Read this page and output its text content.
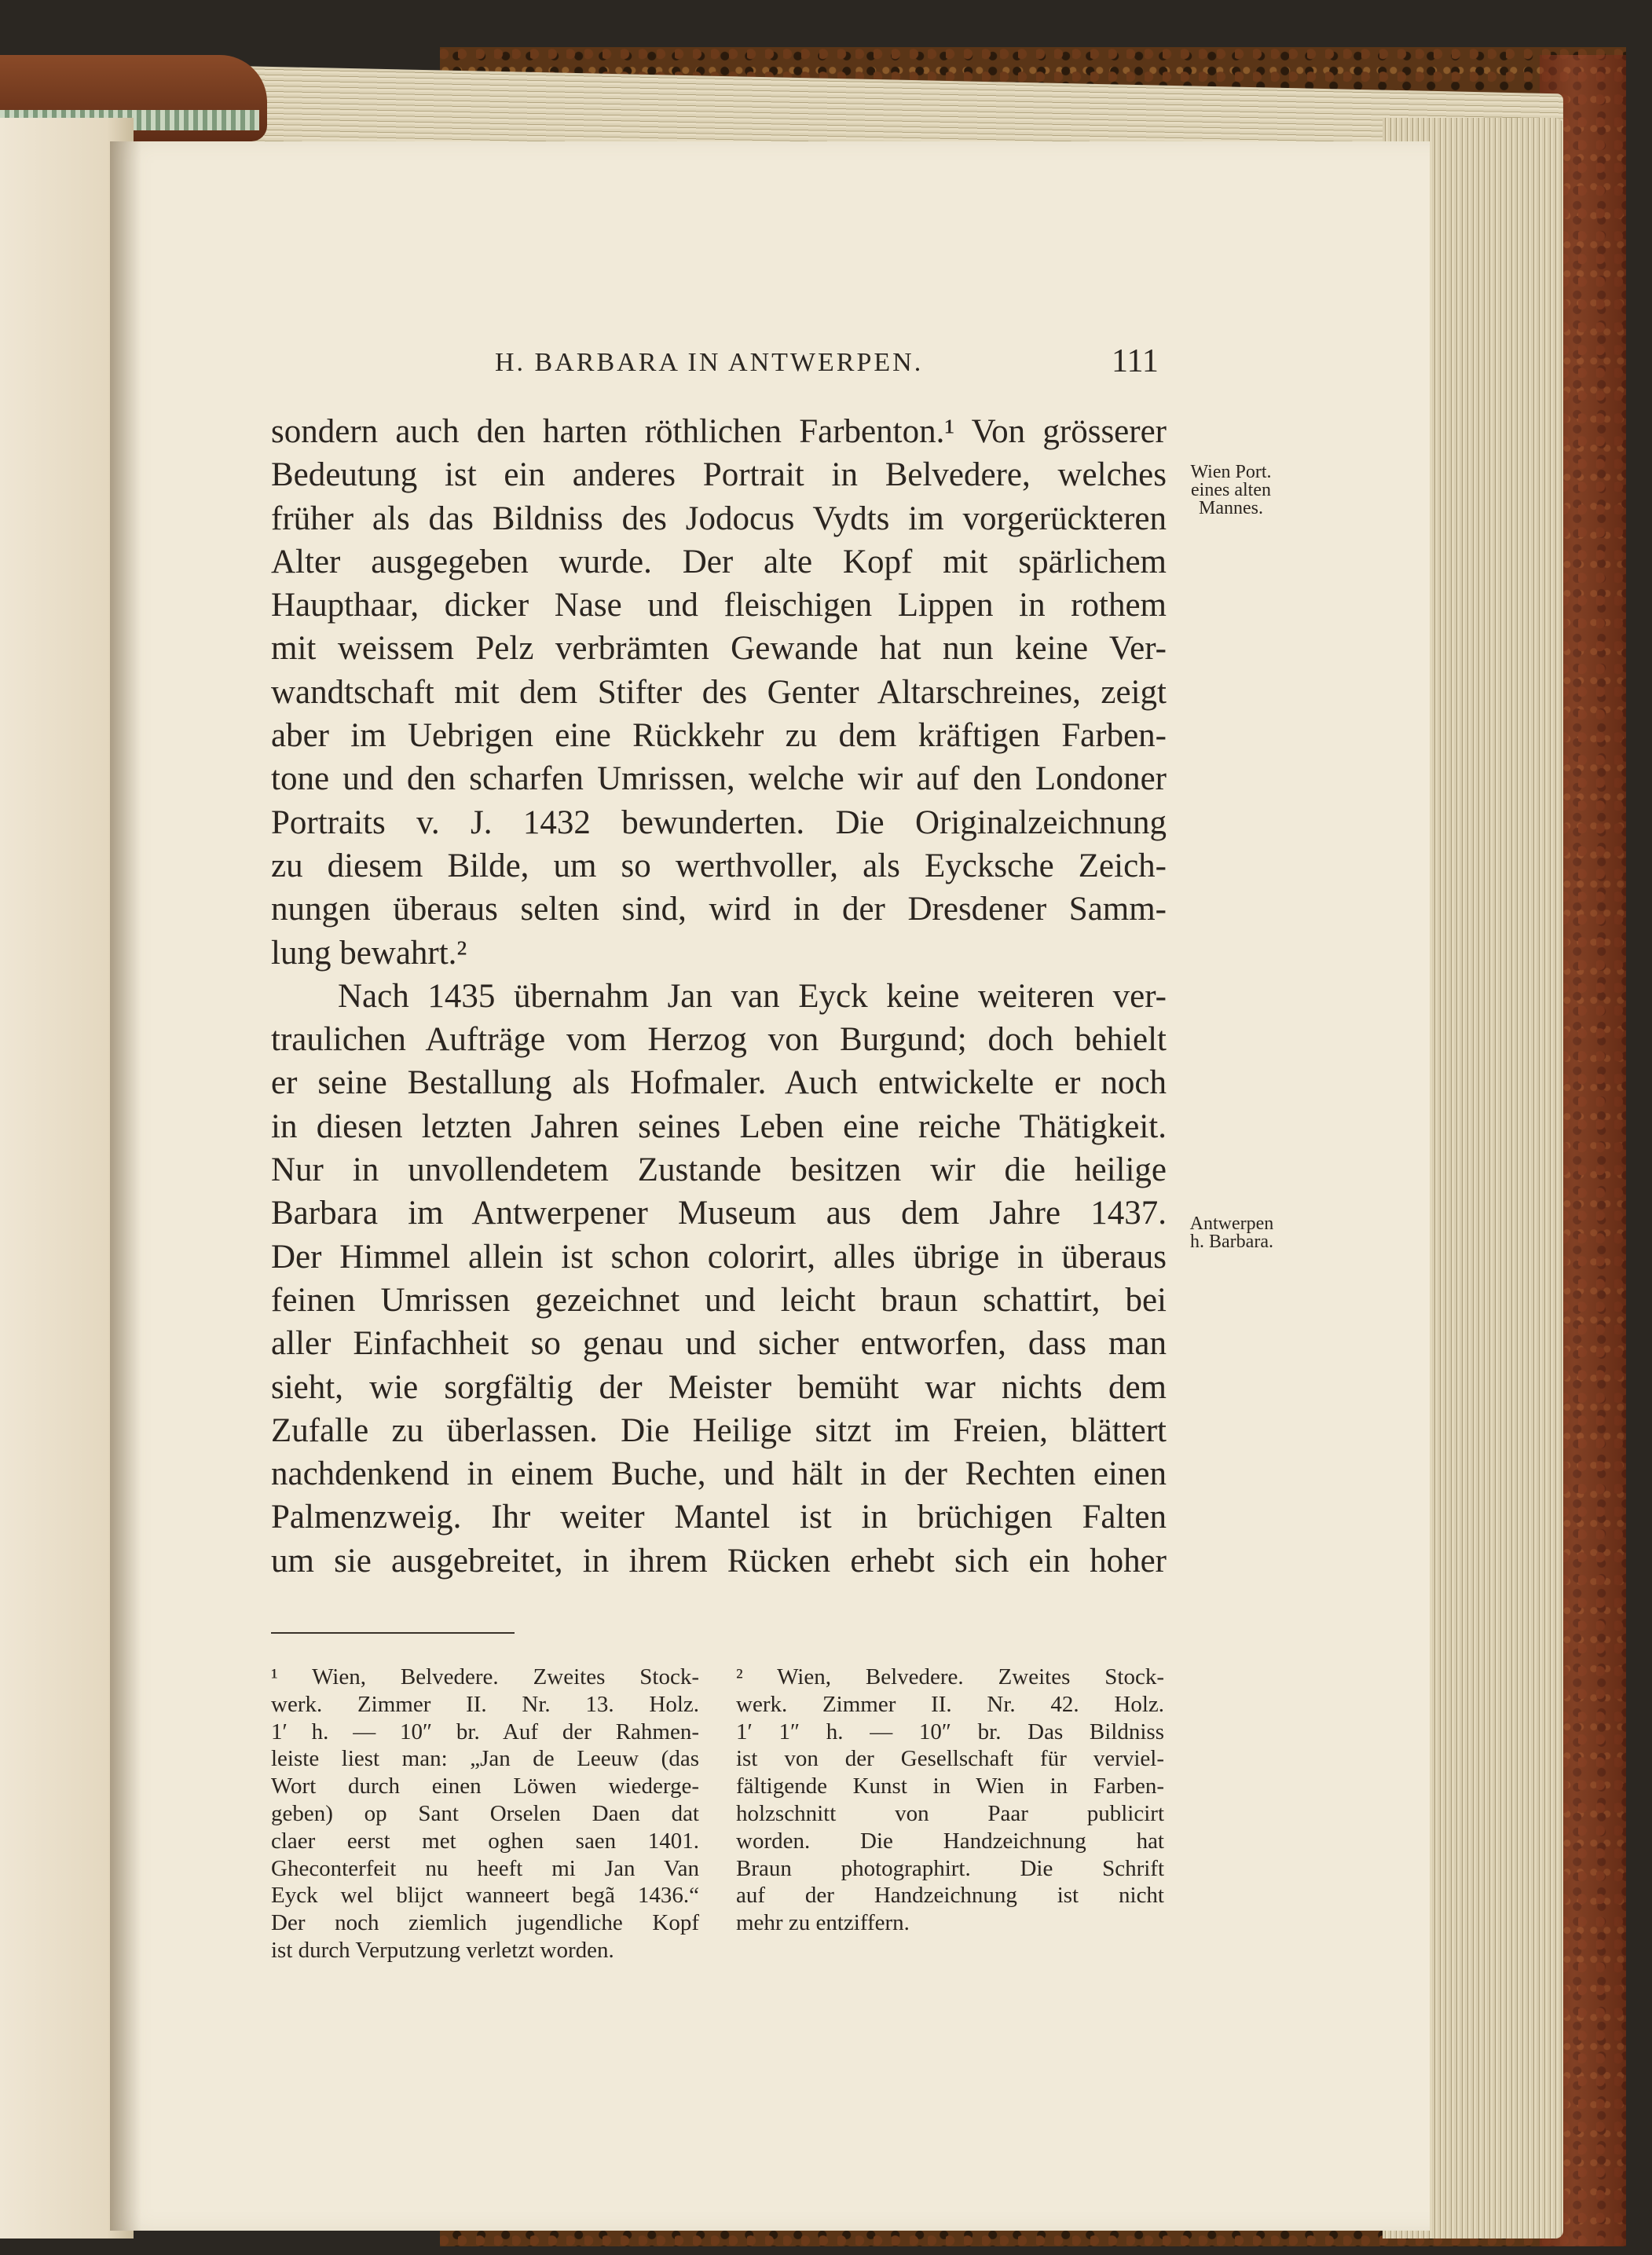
H. BARBARA IN ANTWERPEN.	111
sondern auch den harten röthlichen Farbenton.¹ Von grösserer
Bedeutung ist ein anderes Portrait in Belvedere, welches
früher als das Bildniss des Jodocus Vydts im vorgerückteren
Alter ausgegeben wurde. Der alte Kopf mit spärlichem
Haupthaar, dicker Nase und fleischigen Lippen in rothem
mit weissem Pelz verbrämten Gewande hat nun keine Ver-
wandtschaft mit dem Stifter des Genter Altarschreines, zeigt
aber im Uebrigen eine Rückkehr zu dem kräftigen Farben-
tone und den scharfen Umrissen, welche wir auf den Londoner
Portraits v. J. 1432 bewunderten. Die Originalzeichnung
zu diesem Bilde, um so werthvoller, als Eycksche Zeich-
nungen überaus selten sind, wird in der Dresdener Samm-
lung bewahrt.²
Nach 1435 übernahm Jan van Eyck keine weiteren ver-
traulichen Aufträge vom Herzog von Burgund; doch behielt
er seine Bestallung als Hofmaler. Auch entwickelte er noch
in diesen letzten Jahren seines Leben eine reiche Thätigkeit.
Nur in unvollendetem Zustande besitzen wir die heilige
Barbara im Antwerpener Museum aus dem Jahre 1437.
Der Himmel allein ist schon colorirt, alles übrige in überaus
feinen Umrissen gezeichnet und leicht braun schattirt, bei
aller Einfachheit so genau und sicher entworfen, dass man
sieht, wie sorgfältig der Meister bemüht war nichts dem
Zufalle zu überlassen. Die Heilige sitzt im Freien, blättert
nachdenkend in einem Buche, und hält in der Rechten einen
Palmenzweig. Ihr weiter Mantel ist in brüchigen Falten
um sie ausgebreitet, in ihrem Rücken erhebt sich ein hoher
Wien Port.
eines alten
Mannes.
Antwerpen
h. Barbara.
¹ Wien, Belvedere. Zweites Stock-
werk. Zimmer II. Nr. 13. Holz.
1′ h. — 10″ br. Auf der Rahmen-
leiste liest man: „Jan de Leeuw (das
Wort durch einen Löwen wiederge-
geben) op Sant Orselen Daen dat
claer eerst met oghen saen 1401.
Gheconterfeit nu heeft mi Jan Van
Eyck wel blijct wanneert begã 1436.“
Der noch ziemlich jugendliche Kopf
ist durch Verputzung verletzt worden.
² Wien, Belvedere. Zweites Stock-
werk. Zimmer II. Nr. 42. Holz.
1′ 1″ h. — 10″ br. Das Bildniss
ist von der Gesellschaft für verviel-
fältigende Kunst in Wien in Farben-
holzschnitt von Paar publicirt
worden. Die Handzeichnung hat
Braun photographirt. Die Schrift
auf der Handzeichnung ist nicht
mehr zu entziffern.
